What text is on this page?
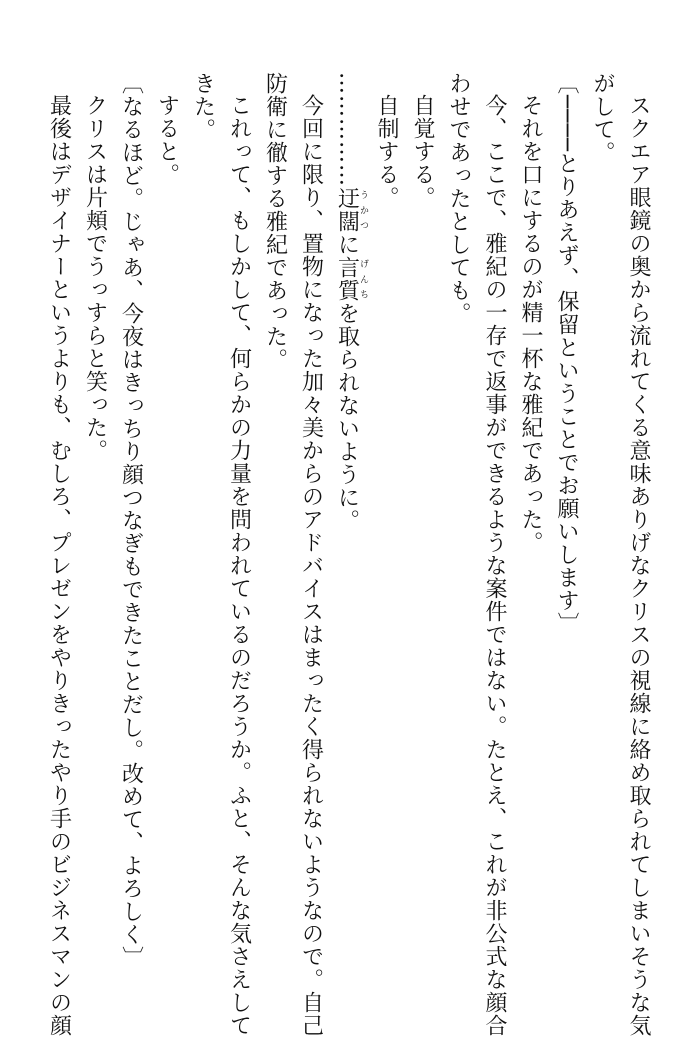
スクエア眼鏡の奥から流れてくる意味ありげなクリスの視線に絡め取られてしまいそうな気
がして。
〔────とりあえず、保留ということでお願いします〕
それを口にするのが精一杯な雅紀であった。
今、ここで、雅紀の一存で返事ができるような案件ではない。たとえ、これが非公式な顔合
わせであったとしても。
自覚する。
自制する。
……………迂闊うかつに言質げんちを取られないように。
今回に限り、置物になった加々美からのアドバイスはまったく得られないようなので。自己
防衛に徹する雅紀であった。
これって、もしかして、何らかの力量を問われているのだろうか。ふと、そんな気さえして
きた。
すると。
〔なるほど。じゃあ、今夜はきっちり顔つなぎもできたことだし。改めて、よろしく〕
クリスは片頬でうっすらと笑った。
最後はデザイナーというよりも、むしろ、プレゼンをやりきったやり手のビジネスマンの顔
